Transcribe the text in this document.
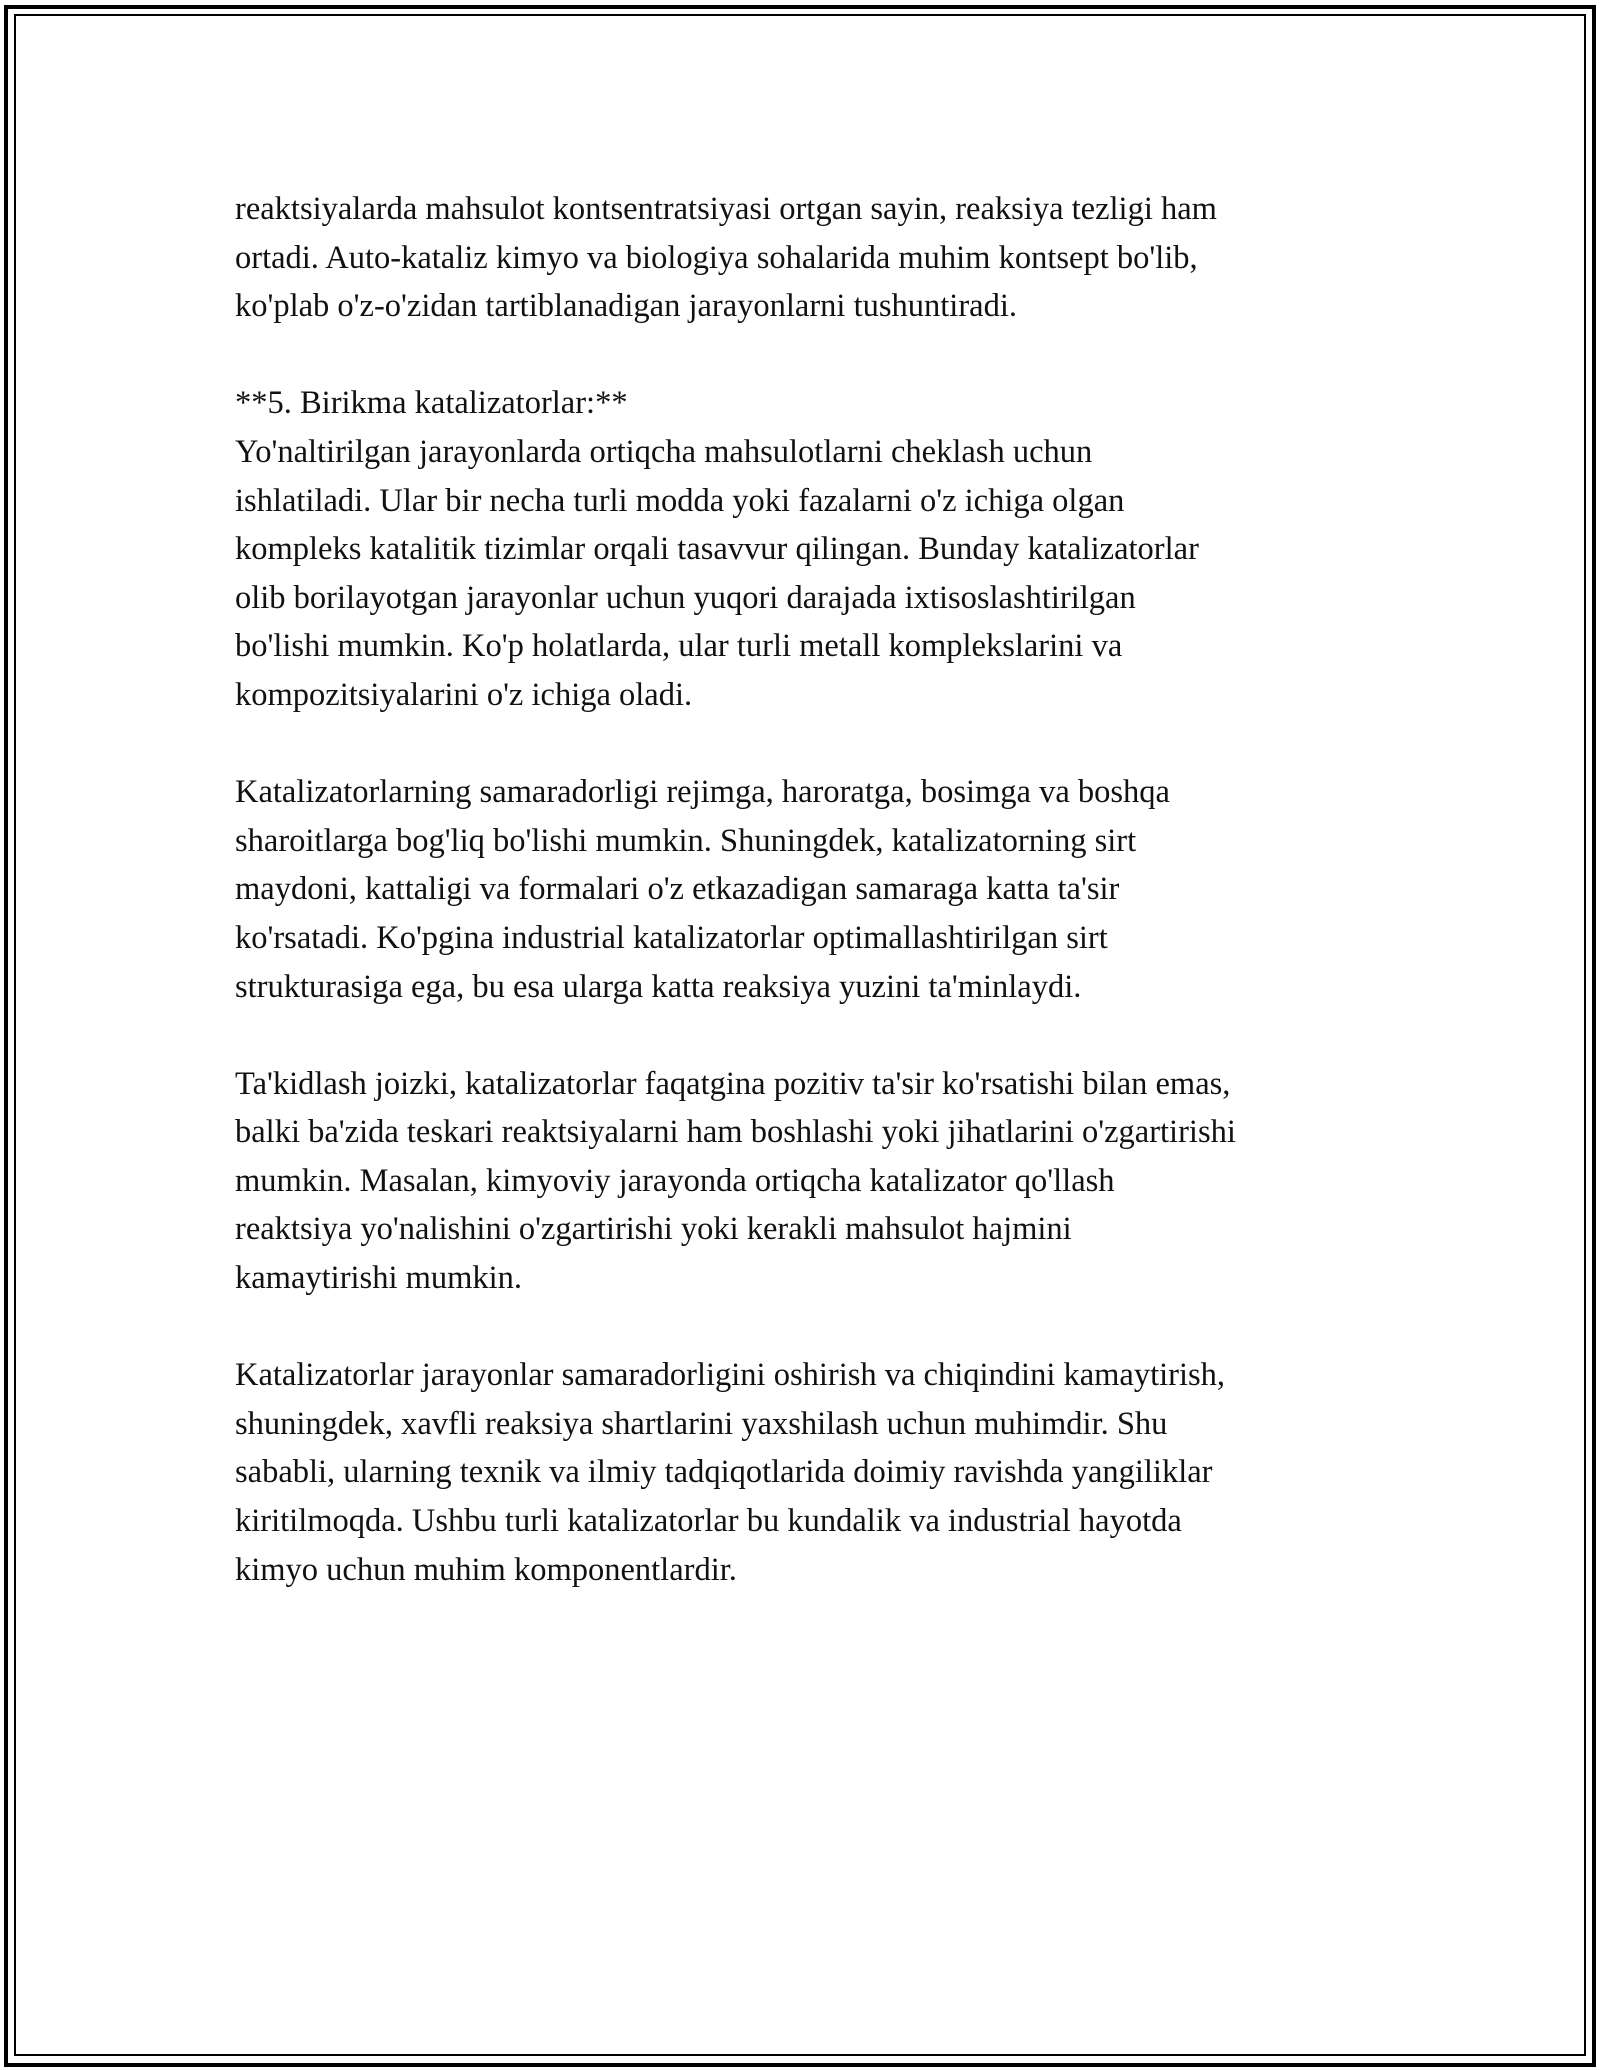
reaktsiyalarda mahsulot kontsentratsiyasi ortgan sayin, reaksiya tezligi ham
ortadi. Auto-kataliz kimyo va biologiya sohalarida muhim kontsept bo'lib,
ko'plab o'z-o'zidan tartiblanadigan jarayonlarni tushuntiradi.
**5. Birikma katalizatorlar:**
Yo'naltirilgan jarayonlarda ortiqcha mahsulotlarni cheklash uchun
ishlatiladi. Ular bir necha turli modda yoki fazalarni o'z ichiga olgan
kompleks katalitik tizimlar orqali tasavvur qilingan. Bunday katalizatorlar
olib borilayotgan jarayonlar uchun yuqori darajada ixtisoslashtirilgan
bo'lishi mumkin. Ko'p holatlarda, ular turli metall komplekslarini va
kompozitsiyalarini o'z ichiga oladi.
Katalizatorlarning samaradorligi rejimga, haroratga, bosimga va boshqa
sharoitlarga bog'liq bo'lishi mumkin. Shuningdek, katalizatorning sirt
maydoni, kattaligi va formalari o'z etkazadigan samaraga katta ta'sir
ko'rsatadi. Ko'pgina industrial katalizatorlar optimallashtirilgan sirt
strukturasiga ega, bu esa ularga katta reaksiya yuzini ta'minlaydi.
Ta'kidlash joizki, katalizatorlar faqatgina pozitiv ta'sir ko'rsatishi bilan emas,
balki ba'zida teskari reaktsiyalarni ham boshlashi yoki jihatlarini o'zgartirishi
mumkin. Masalan, kimyoviy jarayonda ortiqcha katalizator qo'llash
reaktsiya yo'nalishini o'zgartirishi yoki kerakli mahsulot hajmini
kamaytirishi mumkin.
Katalizatorlar jarayonlar samaradorligini oshirish va chiqindini kamaytirish,
shuningdek, xavfli reaksiya shartlarini yaxshilash uchun muhimdir. Shu
sababli, ularning texnik va ilmiy tadqiqotlarida doimiy ravishda yangiliklar
kiritilmoqda. Ushbu turli katalizatorlar bu kundalik va industrial hayotda
kimyo uchun muhim komponentlardir.
